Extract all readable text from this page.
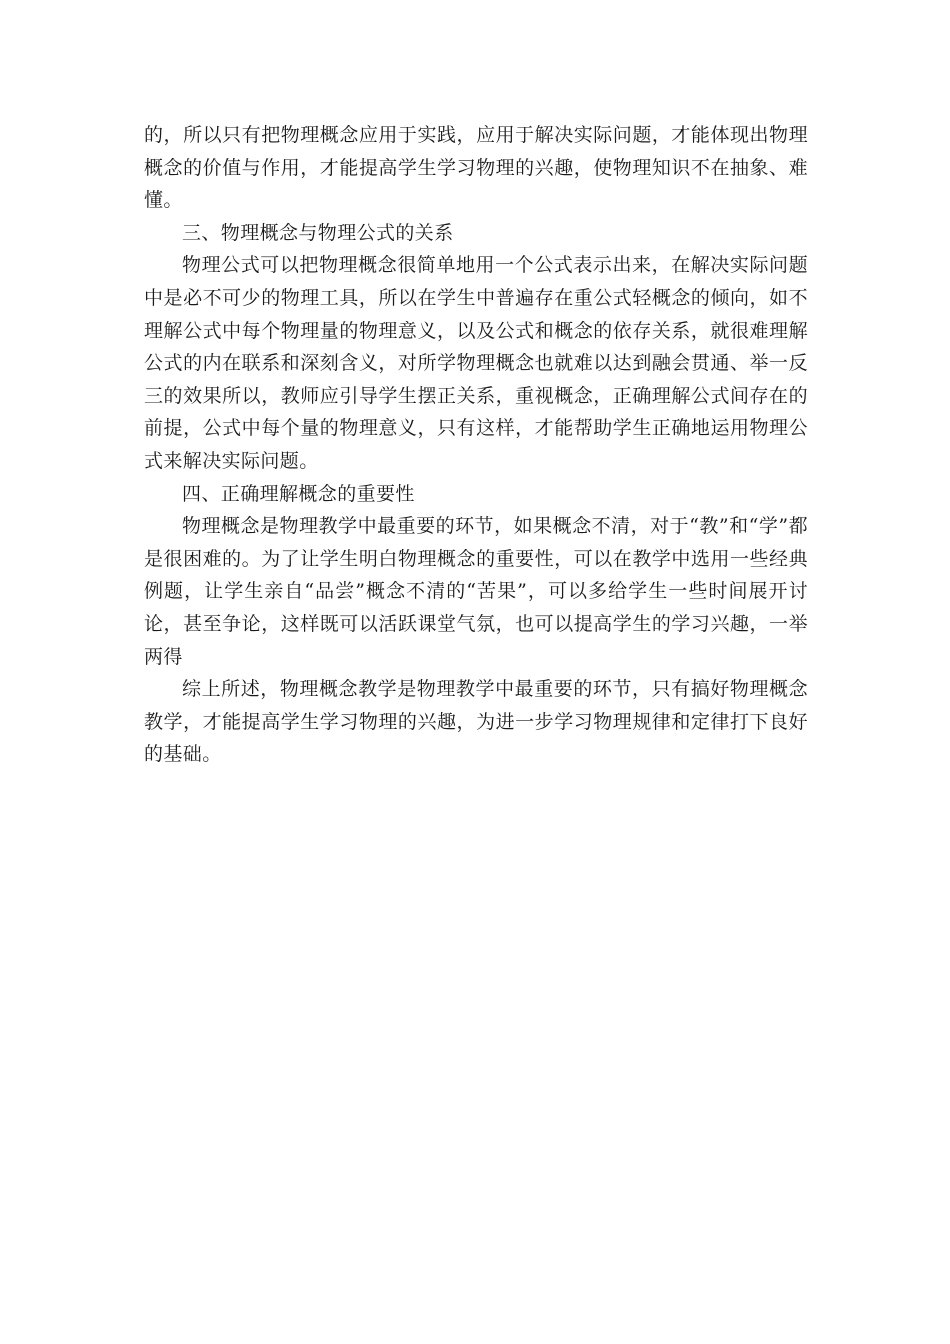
的，所以只有把物理概念应用于实践，应用于解决实际问题，才能体现出物理概念的价值与作用，才能提高学生学习物理的兴趣，使物理知识不在抽象、难懂。

三、物理概念与物理公式的关系

物理公式可以把物理概念很简单地用一个公式表示出来，在解决实际问题中是必不可少的物理工具，所以在学生中普遍存在重公式轻概念的倾向，如不理解公式中每个物理量的物理意义，以及公式和概念的依存关系，就很难理解公式的内在联系和深刻含义，对所学物理概念也就难以达到融会贯通、举一反三的效果所以，教师应引导学生摆正关系，重视概念，正确理解公式间存在的前提，公式中每个量的物理意义，只有这样，才能帮助学生正确地运用物理公式来解决实际问题。

四、正确理解概念的重要性

物理概念是物理教学中最重要的环节，如果概念不清，对于“教”和“学”都是很困难的。为了让学生明白物理概念的重要性，可以在教学中选用一些经典例题，让学生亲自“品尝”概念不清的“苦果”，可以多给学生一些时间展开讨论，甚至争论，这样既可以活跃课堂气氛，也可以提高学生的学习兴趣，一举两得

综上所述，物理概念教学是物理教学中最重要的环节，只有搞好物理概念教学，才能提高学生学习物理的兴趣，为进一步学习物理规律和定律打下良好的基础。
